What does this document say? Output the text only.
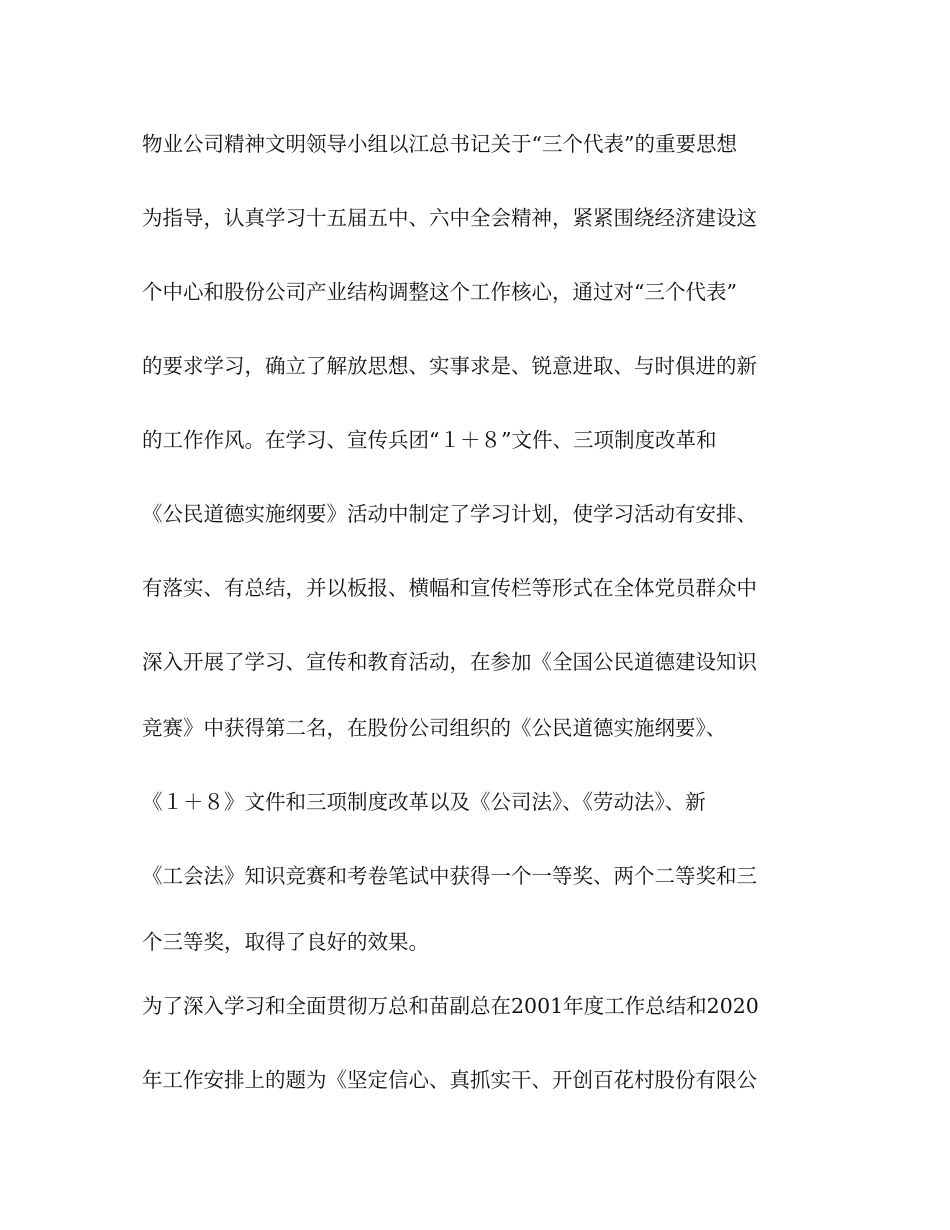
物业公司精神文明领导小组以江总书记关于“三个代表”的重要思想
为指导，认真学习十五届五中、六中全会精神，紧紧围绕经济建设这
个中心和股份公司产业结构调整这个工作核心，通过对“三个代表”
的要求学习，确立了解放思想、实事求是、锐意进取、与时俱进的新
的工作作风。在学习、宣传兵团“１＋８”文件、三项制度改革和
《公民道德实施纲要》活动中制定了学习计划，使学习活动有安排、
有落实、有总结，并以板报、横幅和宣传栏等形式在全体党员群众中
深入开展了学习、宣传和教育活动，在参加《全国公民道德建设知识
竞赛》中获得第二名，在股份公司组织的《公民道德实施纲要》、
《１＋８》文件和三项制度改革以及《公司法》、《劳动法》、新
《工会法》知识竞赛和考卷笔试中获得一个一等奖、两个二等奖和三
个三等奖，取得了良好的效果。
为了深入学习和全面贯彻万总和苗副总在2001年度工作总结和2020
年工作安排上的题为《坚定信心、真抓实干、开创百花村股份有限公
